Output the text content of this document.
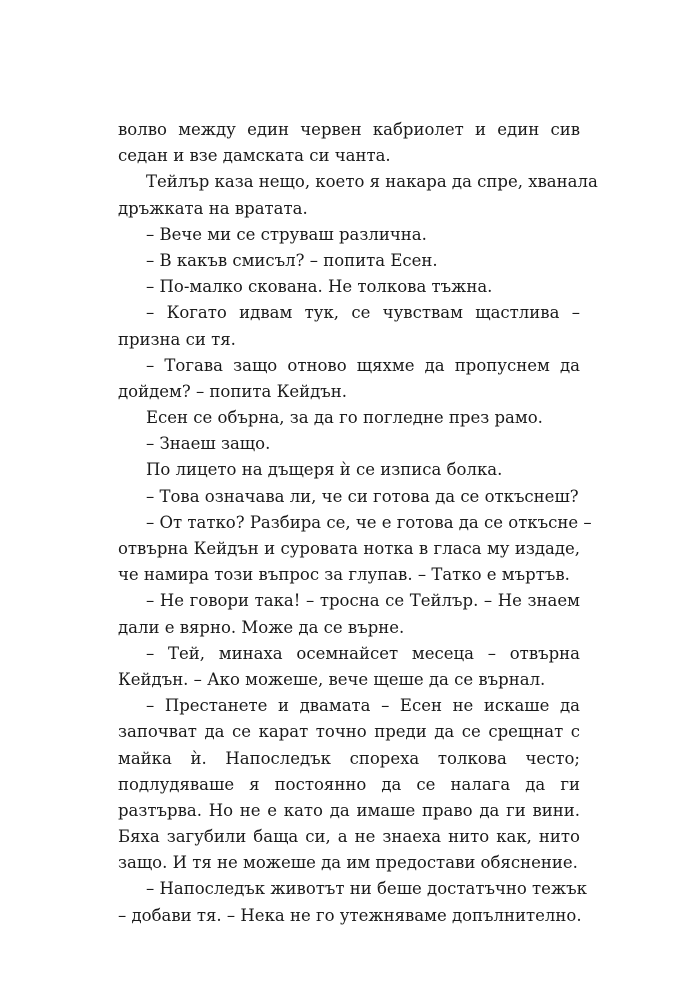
волво между един червен кабриолет и един сив
седан и взе дамската си чанта.
Тейлър каза нещо, което я накара да спре, хванала
дръжката на вратата.
– Вече ми се струваш различна.
– В какъв смисъл? – попита Есен.
– По-малко скована. Не толкова тъжна.
– Когато идвам тук, се чувствам щастлива –
призна си тя.
– Тогава защо отново щяхме да пропуснем да
дойдем? – попита Кейдън.
Есен се обърна, за да го погледне през рамо.
– Знаеш защо.
По лицето на дъщеря ѝ се изписа болка.
– Това означава ли, че си готова да се откъснеш?
– От татко? Разбира се, че е готова да се откъсне –
отвърна Кейдън и суровата нотка в гласа му издаде,
че намира този въпрос за глупав. – Татко е мъртъв.
– Не говори така! – тросна се Тейлър. – Не знаем
дали е вярно. Може да се върне.
– Тей, минаха осемнайсет месеца – отвърна
Кейдън. – Ако можеше, вече щеше да се върнал.
– Престанете и двамата – Есен не искаше да
започват да се карат точно преди да се срещнат с
майка ѝ. Напоследък спореха толкова често;
подлудяваше я постоянно да се налага да ги
разтърва. Но не е като да имаше право да ги вини.
Бяха загубили баща си, а не знаеха нито как, нито
защо. И тя не можеше да им предостави обяснение.
– Напоследък животът ни беше достатъчно тежък
– добави тя. – Нека не го утежняваме допълнително.
